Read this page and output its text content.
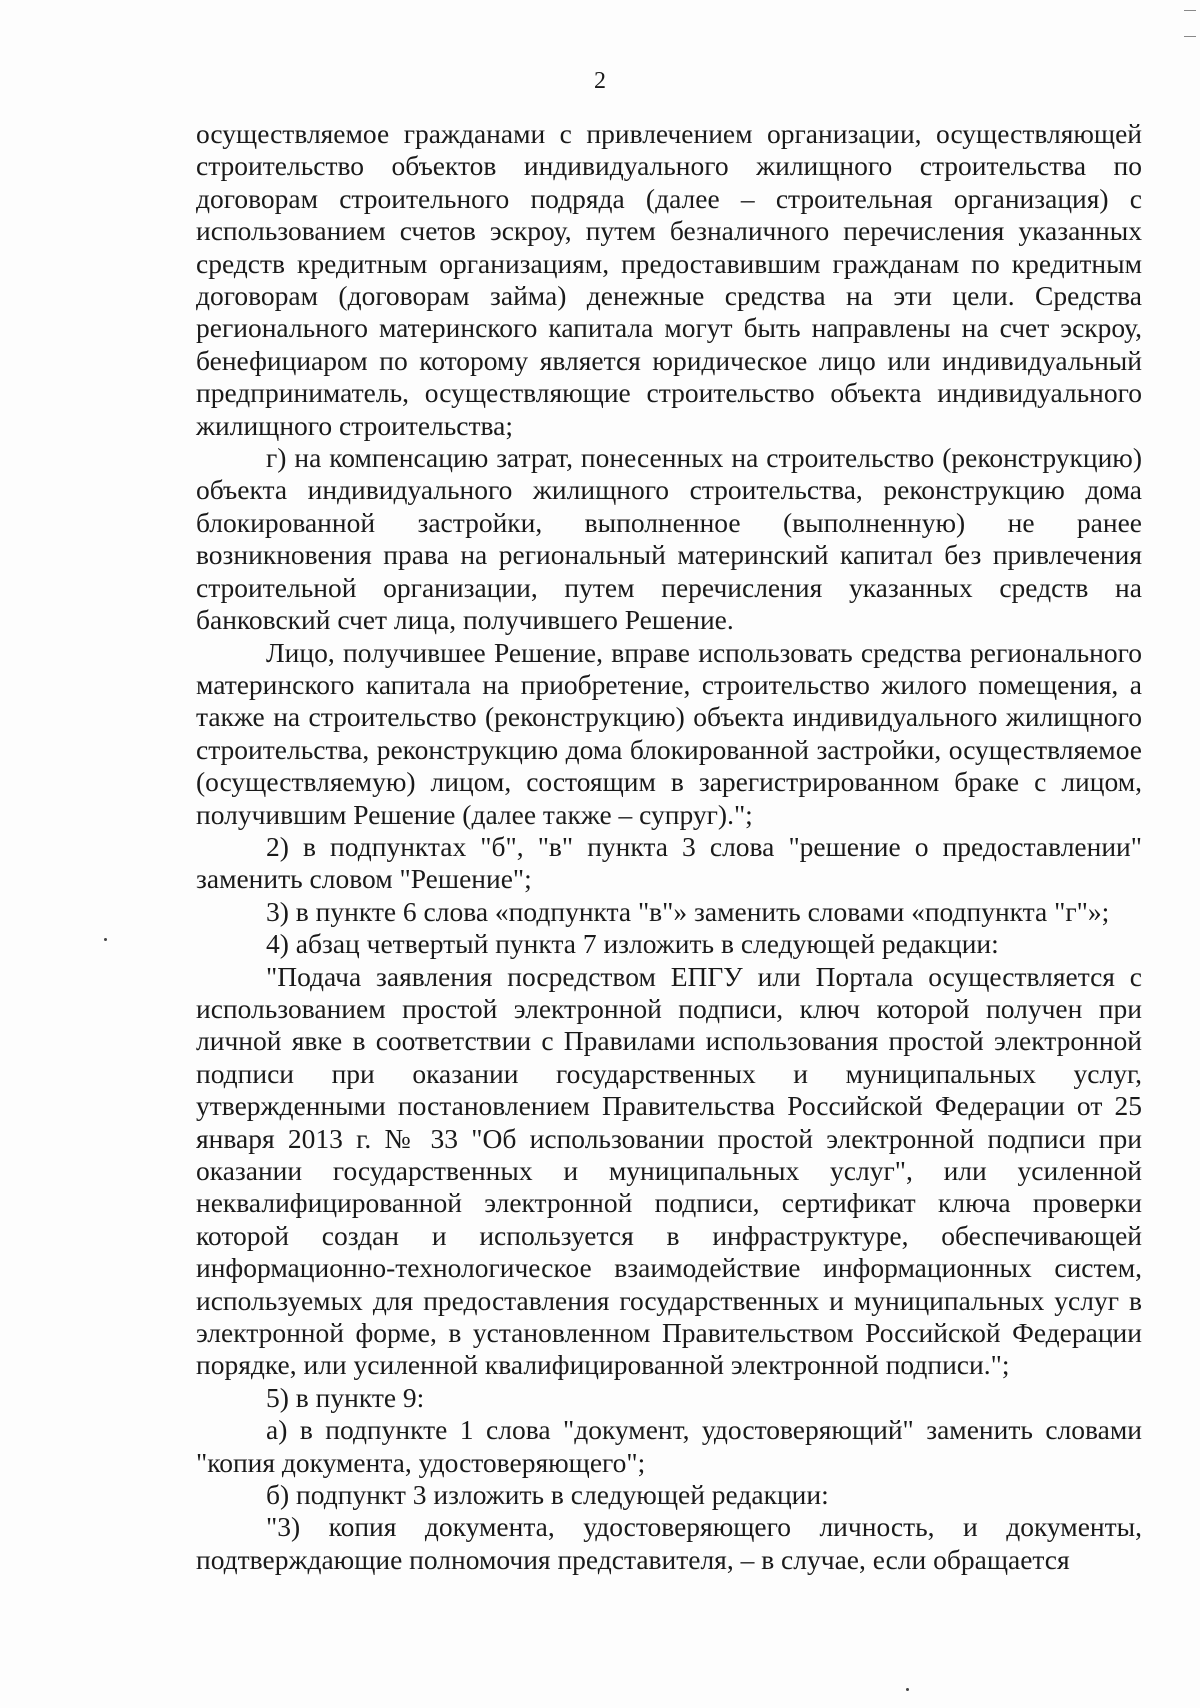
2

осуществляемое гражданами с привлечением организации, осуществляющей строительство объектов индивидуального жилищного строительства по договорам строительного подряда (далее – строительная организация) с использованием счетов эскроу, путем безналичного перечисления указанных средств кредитным организациям, предоставившим гражданам по кредитным договорам (договорам займа) денежные средства на эти цели. Средства регионального материнского капитала могут быть направлены на счет эскроу, бенефициаром по которому является юридическое лицо или индивидуальный предприниматель, осуществляющие строительство объекта индивидуального жилищного строительства;

г) на компенсацию затрат, понесенных на строительство (реконструкцию) объекта индивидуального жилищного строительства, реконструкцию дома блокированной застройки, выполненное (выполненную) не ранее возникновения права на региональный материнский капитал без привлечения строительной организации, путем перечисления указанных средств на банковский счет лица, получившего Решение.

Лицо, получившее Решение, вправе использовать средства регионального материнского капитала на приобретение, строительство жилого помещения, а также на строительство (реконструкцию) объекта индивидуального жилищного строительства, реконструкцию дома блокированной застройки, осуществляемое (осуществляемую) лицом, состоящим в зарегистрированном браке с лицом, получившим Решение (далее также – супруг).";

2) в подпунктах "б", "в" пункта 3 слова "решение о предоставлении" заменить словом "Решение";

3) в пункте 6 слова «подпункта "в"» заменить словами «подпункта "г"»;

4) абзац четвертый пункта 7 изложить в следующей редакции:

"Подача заявления посредством ЕПГУ или Портала осуществляется с использованием простой электронной подписи, ключ которой получен при личной явке в соответствии с Правилами использования простой электронной подписи при оказании государственных и муниципальных услуг, утвержденными постановлением Правительства Российской Федерации от 25 января 2013 г. № 33 "Об использовании простой электронной подписи при оказании государственных и муниципальных услуг", или усиленной неквалифицированной электронной подписи, сертификат ключа проверки которой создан и используется в инфраструктуре, обеспечивающей информационно-технологическое взаимодействие информационных систем, используемых для предоставления государственных и муниципальных услуг в электронной форме, в установленном Правительством Российской Федерации порядке, или усиленной квалифицированной электронной подписи.";

5) в пункте 9:

а) в подпункте 1 слова "документ, удостоверяющий" заменить словами "копия документа, удостоверяющего";

б) подпункт 3 изложить в следующей редакции:

"3) копия документа, удостоверяющего личность, и документы, подтверждающие полномочия представителя, – в случае, если обращается
